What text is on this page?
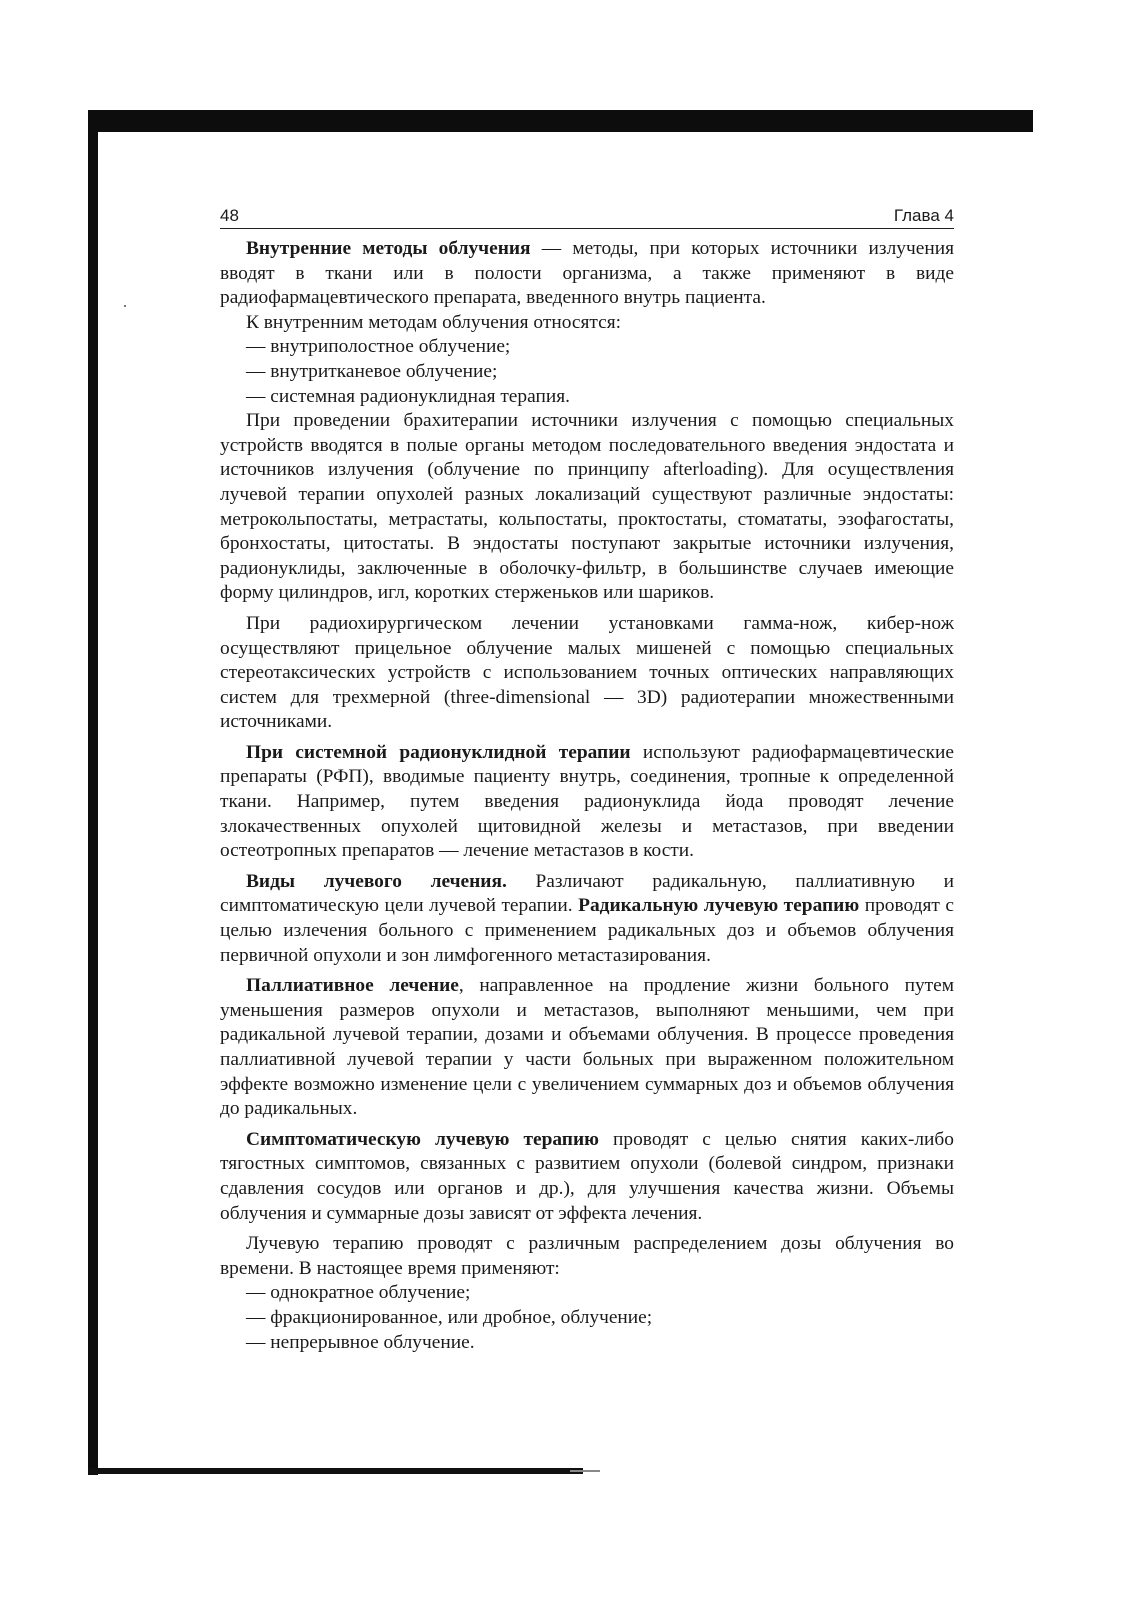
48	Глава 4

Внутренние методы облучения — методы, при которых источники излучения вводят в ткани или в полости организма, а также применяют в виде радиофармацевтического препарата, введенного внутрь пациента.

К внутренним методам облучения относятся:

— внутриполостное облучение;

— внутритканевое облучение;

— системная радионуклидная терапия.

При проведении брахитерапии источники излучения с помощью специальных устройств вводятся в полые органы методом последовательного введения эндостата и источников излучения (облучение по принципу afterloading). Для осуществления лучевой терапии опухолей разных локализаций существуют различные эндостаты: метрокольпостаты, метрастаты, кольпостаты, проктостаты, стомататы, эзофагостаты, бронхостаты, цитостаты. В эндостаты поступают закрытые источники излучения, радионуклиды, заключенные в оболочку-фильтр, в большинстве случаев имеющие форму цилиндров, игл, коротких стерженьков или шариков.

При радиохирургическом лечении установками гамма-нож, кибер-нож осуществляют прицельное облучение малых мишеней с помощью специальных стереотаксических устройств с использованием точных оптических направляющих систем для трехмерной (three-dimensional — 3D) радиотерапии множественными источниками.

При системной радионуклидной терапии используют радиофармацевтические препараты (РФП), вводимые пациенту внутрь, соединения, тропные к определенной ткани. Например, путем введения радионуклида йода проводят лечение злокачественных опухолей щитовидной железы и метастазов, при введении остеотропных препаратов — лечение метастазов в кости.

Виды лучевого лечения. Различают радикальную, паллиативную и симптоматическую цели лучевой терапии. Радикальную лучевую терапию проводят с целью излечения больного с применением радикальных доз и объемов облучения первичной опухоли и зон лимфогенного метастазирования.

Паллиативное лечение, направленное на продление жизни больного путем уменьшения размеров опухоли и метастазов, выполняют меньшими, чем при радикальной лучевой терапии, дозами и объемами облучения. В процессе проведения паллиативной лучевой терапии у части больных при выраженном положительном эффекте возможно изменение цели с увеличением суммарных доз и объемов облучения до радикальных.

Симптоматическую лучевую терапию проводят с целью снятия каких-либо тягостных симптомов, связанных с развитием опухоли (болевой синдром, признаки сдавления сосудов или органов и др.), для улучшения качества жизни. Объемы облучения и суммарные дозы зависят от эффекта лечения.

Лучевую терапию проводят с различным распределением дозы облучения во времени. В настоящее время применяют:

— однократное облучение;

— фракционированное, или дробное, облучение;

— непрерывное облучение.
